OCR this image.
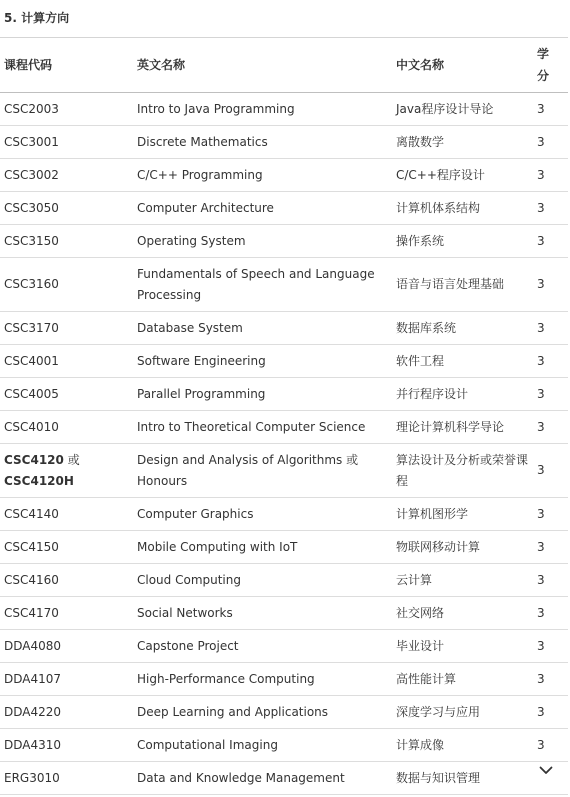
5. 计算方向
课程代码	英文名称	中文名称	学
分
CSC2003	Intro to Java Programming	Java程序设计导论	3
CSC3001	Discrete Mathematics	离散数学	3
CSC3002	C/C++ Programming	C/C++程序设计	3
CSC3050	Computer Architecture	计算机体系结构	3
CSC3150	Operating System	操作系统	3
CSC3160	Fundamentals of Speech and Language Processing	语音与语言处理基础	3
CSC3170	Database System	数据库系统	3
CSC4001	Software Engineering	软件工程	3
CSC4005	Parallel Programming	并行程序设计	3
CSC4010	Intro to Theoretical Computer Science	理论计算机科学导论	3
CSC4120 或
CSC4120H	Design and Analysis of Algorithms 或 Honours	算法设计及分析或荣誉课程	3
CSC4140	Computer Graphics	计算机图形学	3
CSC4150	Mobile Computing with IoT	物联网移动计算	3
CSC4160	Cloud Computing	云计算	3
CSC4170	Social Networks	社交网络	3
DDA4080	Capstone Project	毕业设计	3
DDA4107	High-Performance Computing	高性能计算	3
DDA4220	Deep Learning and Applications	深度学习与应用	3
DDA4310	Computational Imaging	计算成像	3
ERG3010	Data and Knowledge Management	数据与知识管理	
